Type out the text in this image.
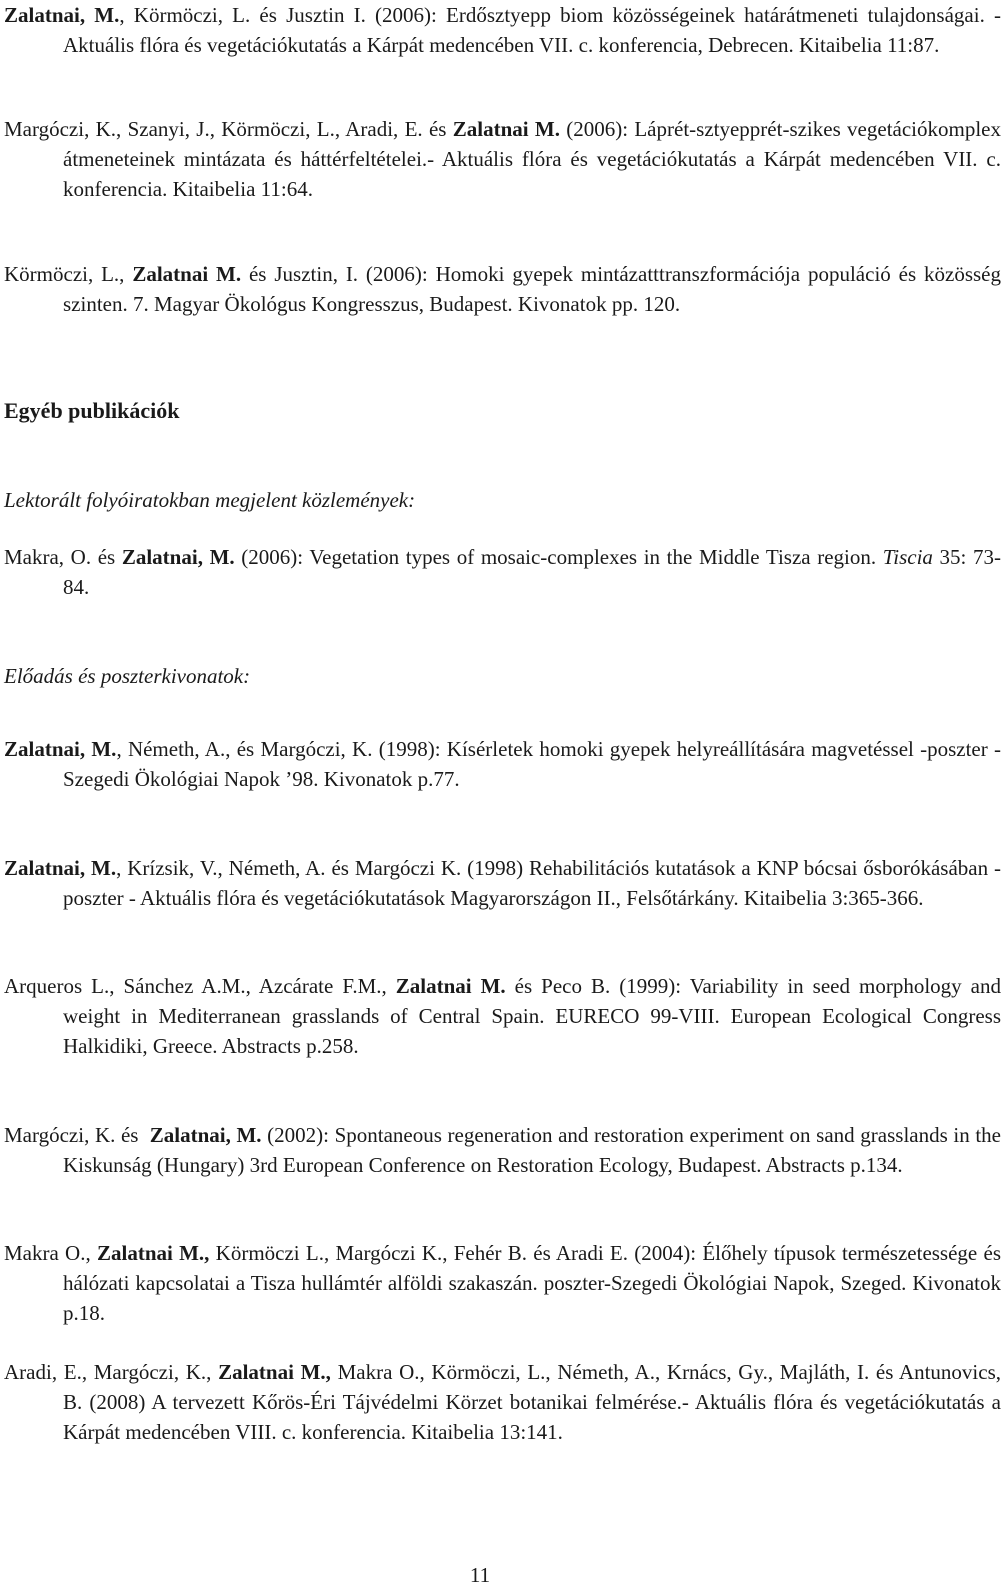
Zalatnai, M., Körmöczi, L. és Jusztin I. (2006): Erdősztyepp biom közösségeinek határátmeneti tulajdonságai. - Aktuális flóra és vegetációkutatás a Kárpát medencében VII. c. konferencia, Debrecen. Kitaibelia 11:87.
Margóczi, K., Szanyi, J., Körmöczi, L., Aradi, E. és Zalatnai M. (2006): Láprét-sztyepprét-szikes vegetációkomplex átmeneteinek mintázata és háttérfeltételei.- Aktuális flóra és vegetációkutatás a Kárpát medencében VII. c. konferencia. Kitaibelia 11:64.
Körmöczi, L., Zalatnai M. és Jusztin, I. (2006): Homoki gyepek mintázatttranszformációja populáció és közösség szinten. 7. Magyar Ökológus Kongresszus, Budapest. Kivonatok pp. 120.
Egyéb publikációk
Lektorált folyóiratokban megjelent közlemények:
Makra, O. és Zalatnai, M. (2006): Vegetation types of mosaic-complexes in the Middle Tisza region. Tiscia 35: 73-84.
Előadás és poszterkivonatok:
Zalatnai, M., Németh, A., és Margóczi, K. (1998): Kísérletek homoki gyepek helyreállítására magvetéssel -poszter - Szegedi Ökológiai Napok ’98. Kivonatok p.77.
Zalatnai, M., Krízsik, V., Németh, A. és Margóczi K. (1998) Rehabilitációs kutatások a KNP bócsai ősborókásában - poszter - Aktuális flóra és vegetációkutatások Magyarországon II., Felsőtárkány. Kitaibelia 3:365-366.
Arqueros L., Sánchez A.M., Azcárate F.M., Zalatnai M. és Peco B. (1999): Variability in seed morphology and weight in Mediterranean grasslands of Central Spain. EURECO 99-VIII. European Ecological Congress Halkidiki, Greece. Abstracts p.258.
Margóczi, K. és  Zalatnai, M. (2002): Spontaneous regeneration and restoration experiment on sand grasslands in the Kiskunság (Hungary) 3rd European Conference on Restoration Ecology, Budapest. Abstracts p.134.
Makra O., Zalatnai M., Körmöczi L., Margóczi K., Fehér B. és Aradi E. (2004): Élőhely típusok természetessége és hálózati kapcsolatai a Tisza hullámtér alföldi szakaszán. poszter-Szegedi Ökológiai Napok, Szeged. Kivonatok p.18.
Aradi, E., Margóczi, K., Zalatnai M., Makra O., Körmöczi, L., Németh, A., Krnács, Gy., Majláth, I. és Antunovics, B. (2008) A tervezett Kőrös-Éri Tájvédelmi Körzet botanikai felmérése.- Aktuális flóra és vegetációkutatás a Kárpát medencében VIII. c. konferencia. Kitaibelia 13:141.
11
